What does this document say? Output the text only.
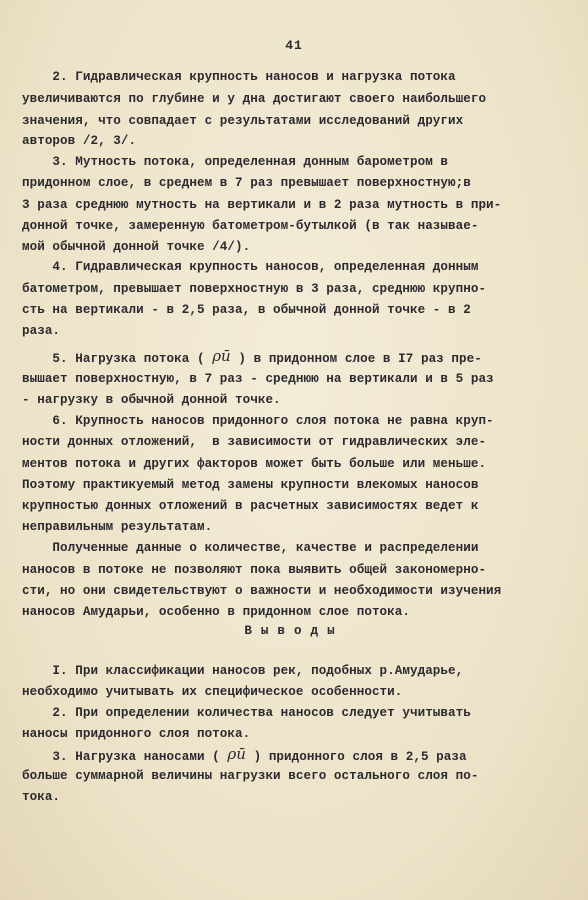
41
2. Гидравлическая крупность наносов и нагрузка потока
увеличиваются по глубине и у дна достигают своего наибольшего
значения, что совпадает с результатами исследований других
авторов /2, 3/.
3. Мутность потока, определенная донным барометром в
придонном слое, в среднем в 7 раз превышает поверхностную;в
3 раза среднюю мутность на вертикали и в 2 раза мутность в при-
донной точке, замеренную батометром-бутылкой (в так называе-
мой обычной донной точке /4/).
4. Гидравлическая крупность наносов, определенная донным
батометром, превышает поверхностную в 3 раза, среднюю крупно-
сть на вертикали - в 2,5 раза, в обычной донной точке - в 2
раза.
5. Нагрузка потока ( ρū ) в придонном слое в I7 раз пре-
вышает поверхностную, в 7 раз - среднюю на вертикали и в 5 раз
- нагрузку в обычной донной точке.
6. Крупность наносов придонного слоя потока не равна круп-
ности донных отложений,  в зависимости от гидравлических эле-
ментов потока и других факторов может быть больше или меньше.
Поэтому практикуемый метод замены крупности влекомых наносов
крупностью донных отложений в расчетных зависимостях ведет к
неправильным результатам.
Полученные данные о количестве, качестве и распределении
наносов в потоке не позволяют пока выявить общей закономерно-
сти, но они свидетельствуют о важности и необходимости изучения
наносов Амударьи, особенно в придонном слое потока.
Выводы
I. При классификации наносов рек, подобных р.Амударье,
необходимо учитывать их специфическое особенности.
2. При определении количества наносов следует учитывать
наносы придонного слоя потока.
3. Нагрузка наносами ( ρū ) придонного слоя в 2,5 раза
больше суммарной величины нагрузки всего остального слоя по-
тока.
